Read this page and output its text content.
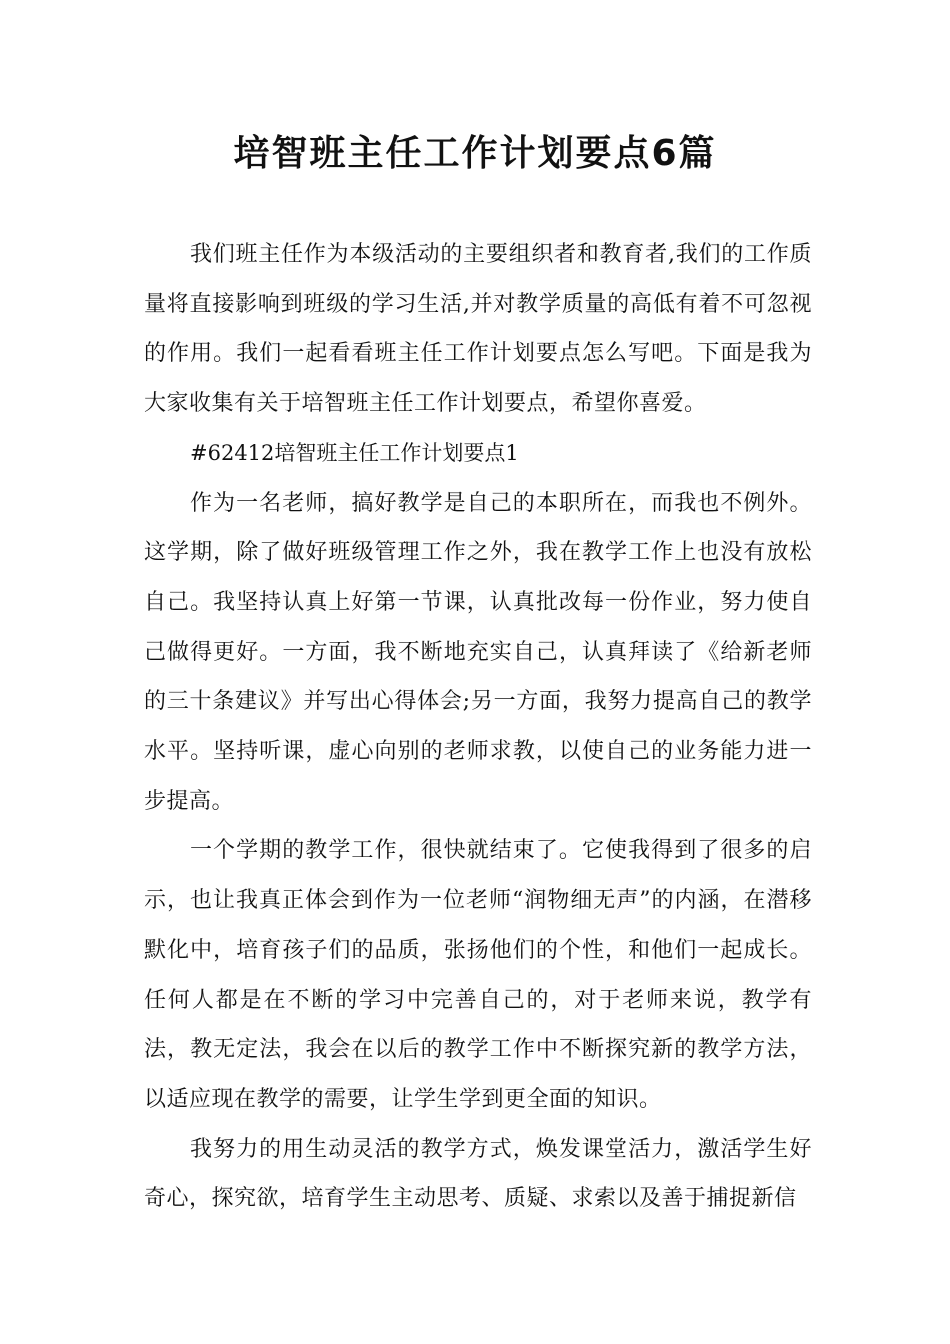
培智班主任工作计划要点6篇

我们班主任作为本级活动的主要组织者和教育者,我们的工作质量将直接影响到班级的学习生活,并对教学质量的高低有着不可忽视的作用。我们一起看看班主任工作计划要点怎么写吧。下面是我为大家收集有关于培智班主任工作计划要点，希望你喜爱。

#62412培智班主任工作计划要点1

作为一名老师，搞好教学是自己的本职所在，而我也不例外。这学期，除了做好班级管理工作之外，我在教学工作上也没有放松自己。我坚持认真上好第一节课，认真批改每一份作业，努力使自己做得更好。一方面，我不断地充实自己，认真拜读了《给新老师的三十条建议》并写出心得体会;另一方面，我努力提高自己的教学水平。坚持听课，虚心向别的老师求教，以使自己的业务能力进一步提高。

一个学期的教学工作，很快就结束了。它使我得到了很多的启示，也让我真正体会到作为一位老师“润物细无声”的内涵，在潜移默化中，培育孩子们的品质，张扬他们的个性，和他们一起成长。任何人都是在不断的学习中完善自己的，对于老师来说，教学有法，教无定法，我会在以后的教学工作中不断探究新的教学方法，以适应现在教学的需要，让学生学到更全面的知识。

我努力的用生动灵活的教学方式，焕发课堂活力，激活学生好奇心，探究欲，培育学生主动思考、质疑、求索以及善于捕捉新信
